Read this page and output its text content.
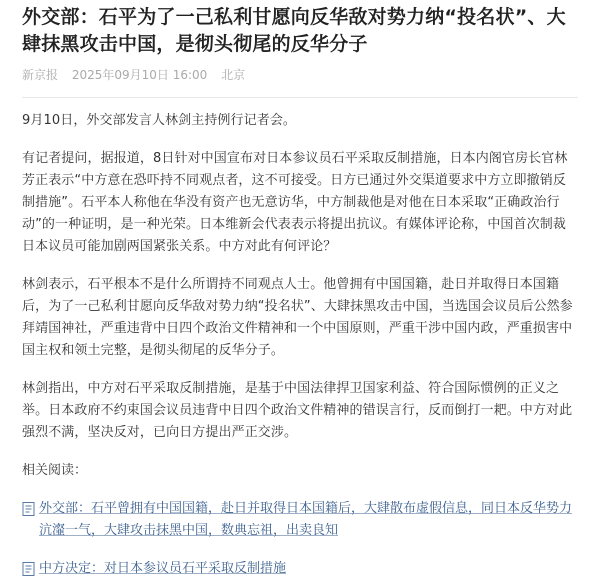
外交部：石平为了一己私利甘愿向反华敌对势力纳“投名状”、大肆抹黑攻击中国，是彻头彻尾的反华分子
新京报 2025年09月10日 16:00 北京

9月10日，外交部发言人林剑主持例行记者会。

有记者提问，据报道，8日针对中国宣布对日本参议员石平采取反制措施，日本内阁官房长官林芳正表示“中方意在恐吓持不同观点者，这不可接受。日方已通过外交渠道要求中方立即撤销反制措施”。石平本人称他在华没有资产也无意访华，中方制裁他是对他在日本采取“正确政治行动”的一种证明，是一种光荣。日本维新会代表表示将提出抗议。有媒体评论称，中国首次制裁日本议员可能加剧两国紧张关系。中方对此有何评论？

林剑表示，石平根本不是什么所谓持不同观点人士。他曾拥有中国国籍，赴日并取得日本国籍后，为了一己私利甘愿向反华敌对势力纳“投名状”、大肆抹黑攻击中国，当选国会议员后公然参拜靖国神社，严重违背中日四个政治文件精神和一个中国原则，严重干涉中国内政，严重损害中国主权和领土完整，是彻头彻尾的反华分子。

林剑指出，中方对石平采取反制措施，是基于中国法律捍卫国家利益、符合国际惯例的正义之举。日本政府不约束国会议员违背中日四个政治文件精神的错误言行，反而倒打一耙。中方对此强烈不满，坚决反对，已向日方提出严正交涉。

相关阅读：
外交部：石平曾拥有中国国籍，赴日并取得日本国籍后，大肆散布虚假信息，同日本反华势力沆瀣一气，大肆攻击抹黑中国，数典忘祖，出卖良知
中方决定：对日本参议员石平采取反制措施
